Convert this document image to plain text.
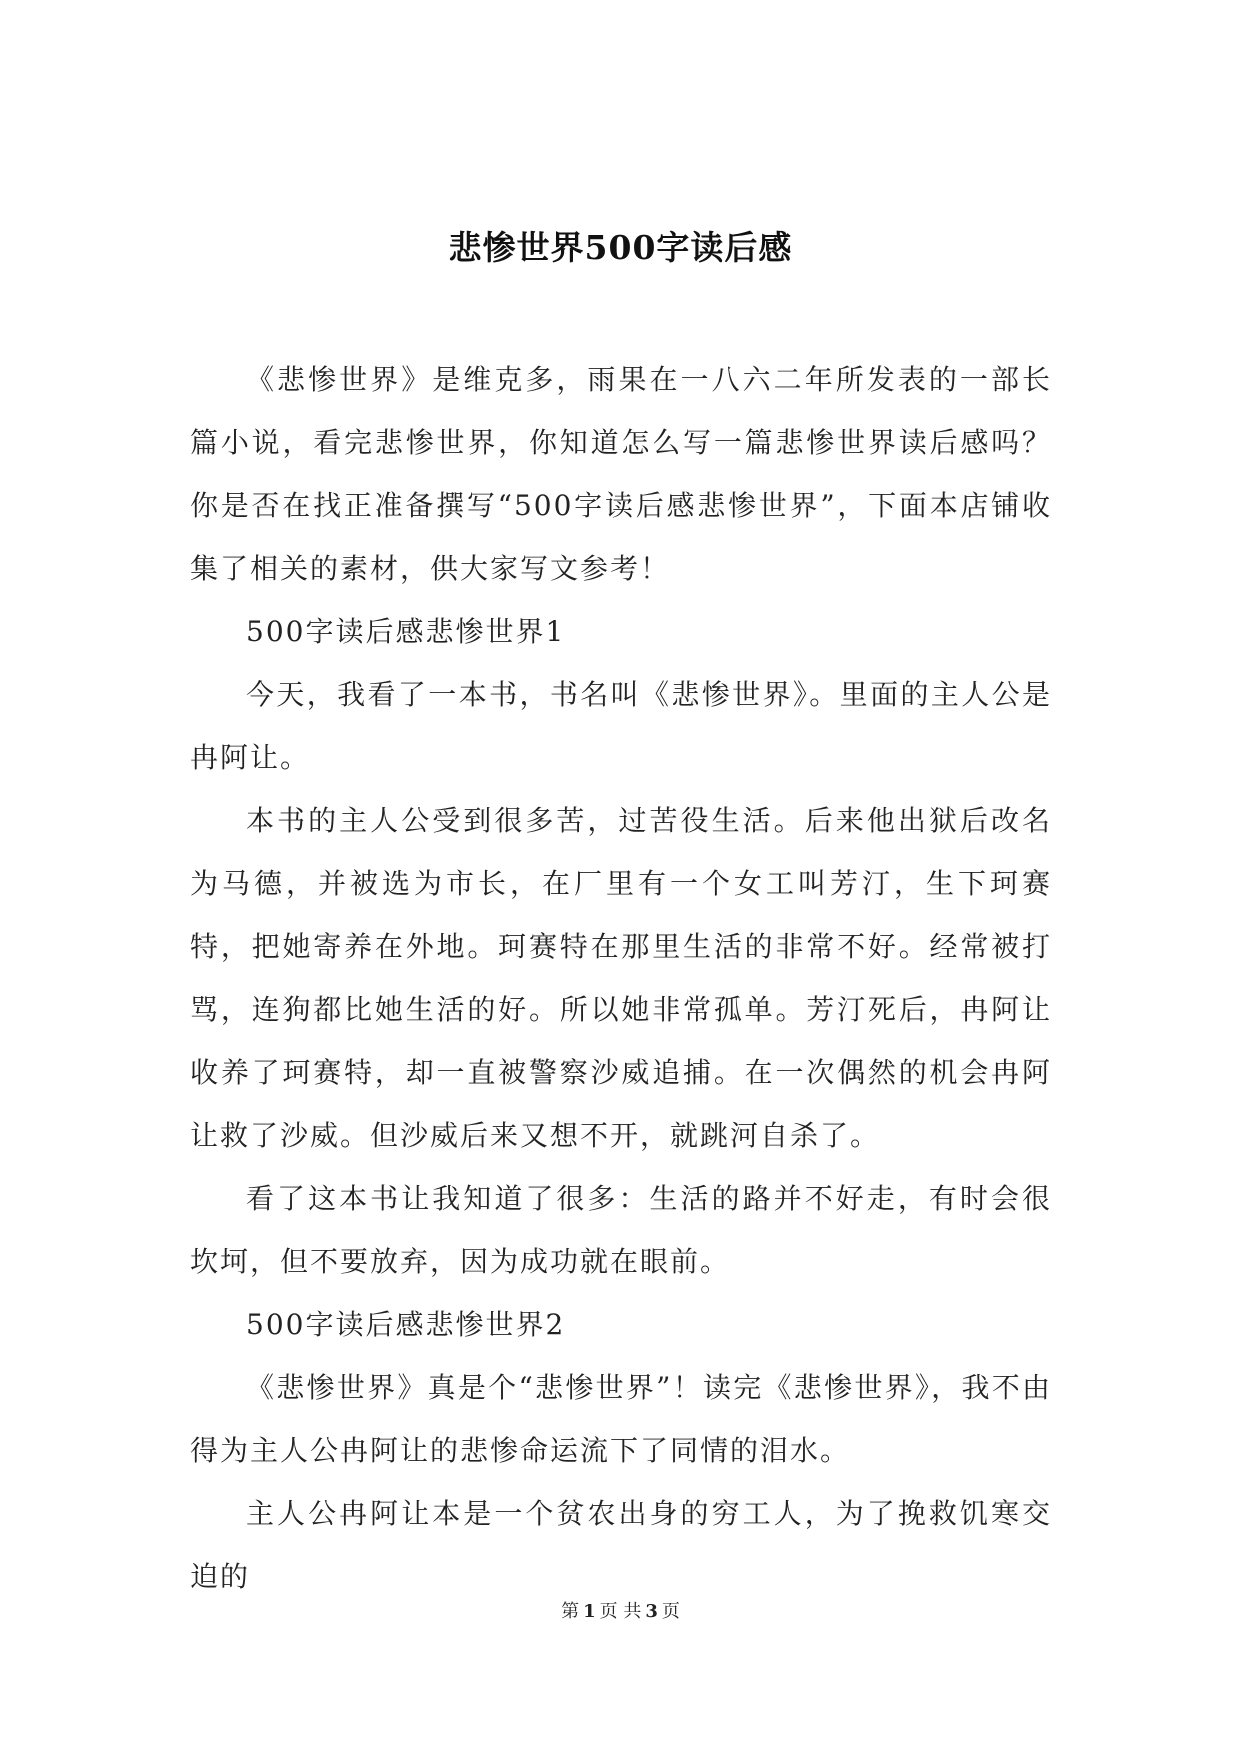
悲惨世界500字读后感

《悲惨世界》是维克多，雨果在一八六二年所发表的一部长篇小说，看完悲惨世界，你知道怎么写一篇悲惨世界读后感吗？你是否在找正准备撰写“500字读后感悲惨世界”，下面本店铺收集了相关的素材，供大家写文参考！

500字读后感悲惨世界1

今天，我看了一本书，书名叫《悲惨世界》。里面的主人公是冉阿让。

本书的主人公受到很多苦，过苦役生活。后来他出狱后改名为马德，并被选为市长，在厂里有一个女工叫芳汀，生下珂赛特，把她寄养在外地。珂赛特在那里生活的非常不好。经常被打骂，连狗都比她生活的好。所以她非常孤单。芳汀死后，冉阿让收养了珂赛特，却一直被警察沙威追捕。在一次偶然的机会冉阿让救了沙威。但沙威后来又想不开，就跳河自杀了。

看了这本书让我知道了很多：生活的路并不好走，有时会很坎坷，但不要放弃，因为成功就在眼前。

500字读后感悲惨世界2

《悲惨世界》真是个“悲惨世界”！读完《悲惨世界》，我不由得为主人公冉阿让的悲惨命运流下了同情的泪水。

主人公冉阿让本是一个贫农出身的穷工人，为了挽救饥寒交迫的

第 1 页 共 3 页
